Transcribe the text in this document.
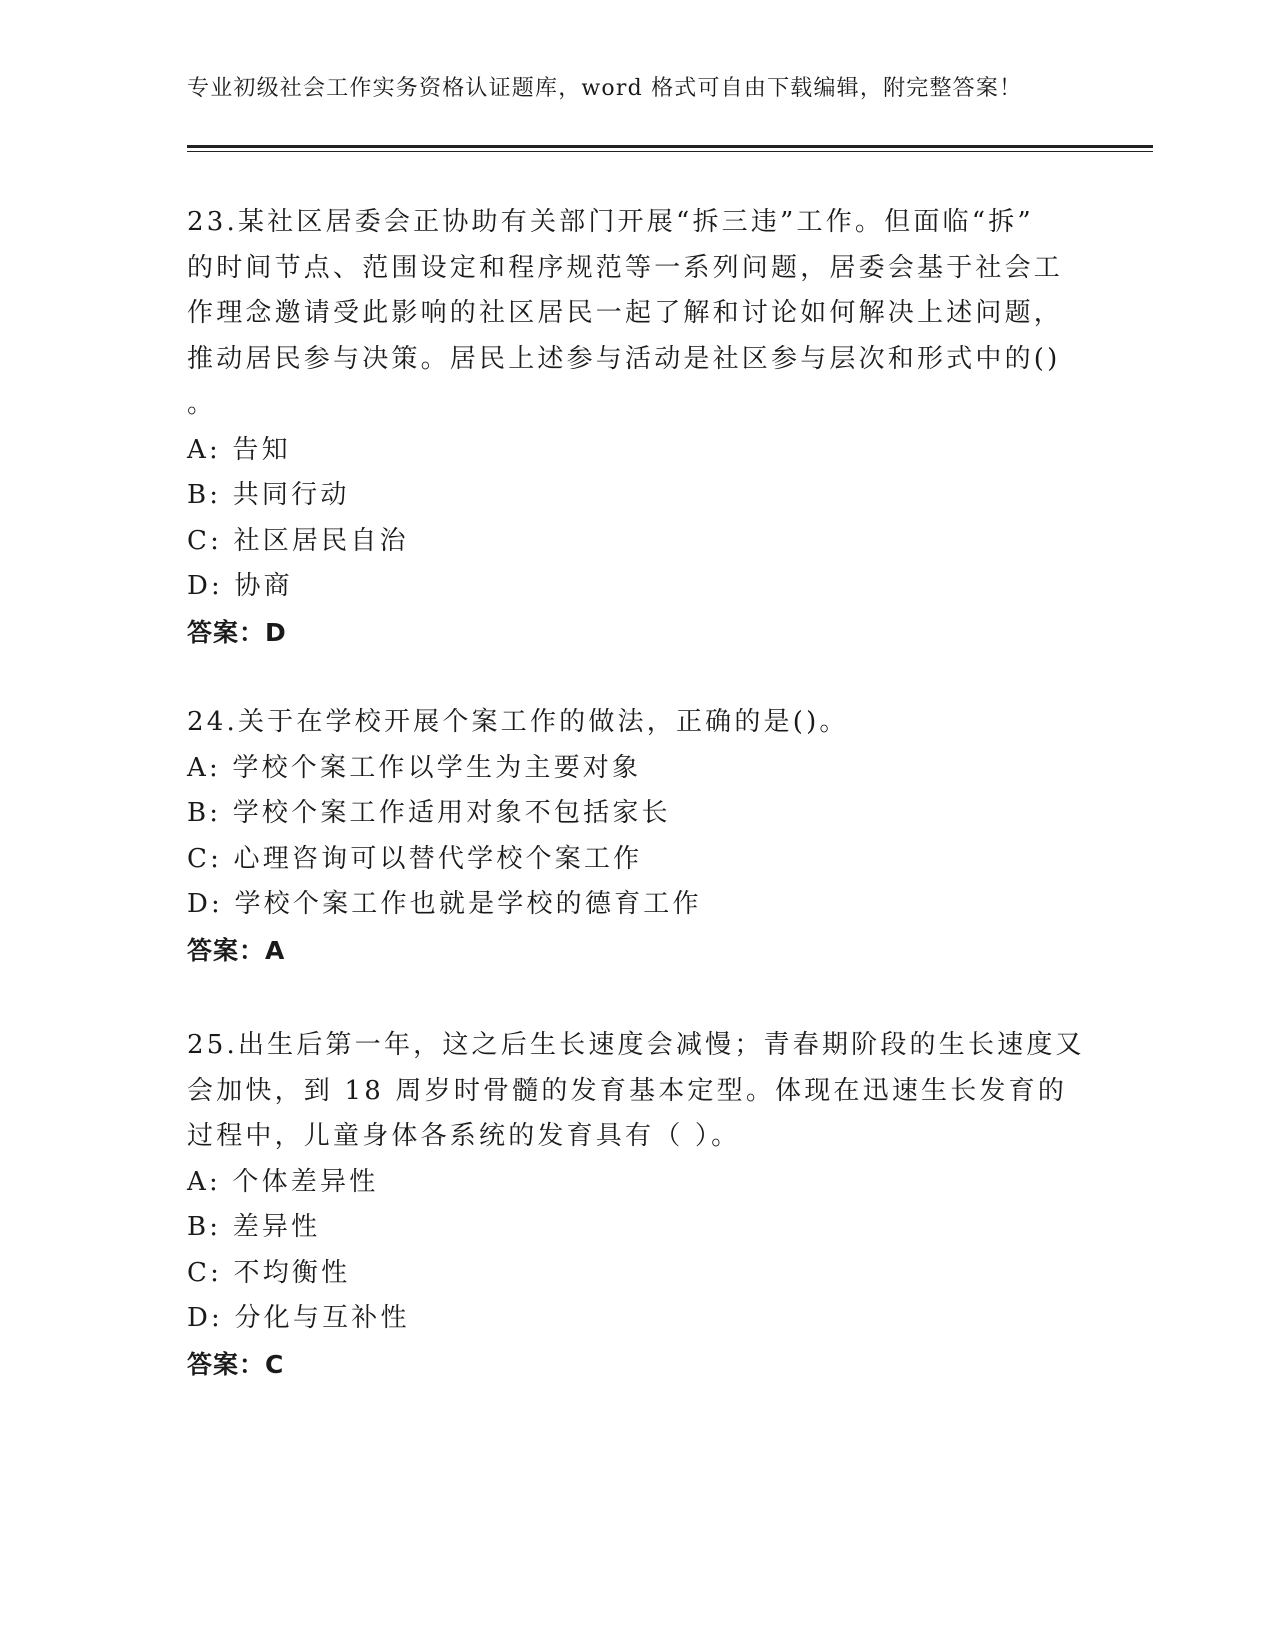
专业初级社会工作实务资格认证题库，word 格式可自由下载编辑，附完整答案！
23.某社区居委会正协助有关部门开展“拆三违”工作。但面临“拆”
的时间节点、范围设定和程序规范等一系列问题，居委会基于社会工
作理念邀请受此影响的社区居民一起了解和讨论如何解决上述问题，
推动居民参与决策。居民上述参与活动是社区参与层次和形式中的()
。
A: 告知
B: 共同行动
C: 社区居民自治
D: 协商
答案：D
24.关于在学校开展个案工作的做法，正确的是()。
A: 学校个案工作以学生为主要对象
B: 学校个案工作适用对象不包括家长
C: 心理咨询可以替代学校个案工作
D: 学校个案工作也就是学校的德育工作
答案：A
25.出生后第一年，这之后生长速度会减慢；青春期阶段的生长速度又
会加快，到 18 周岁时骨髓的发育基本定型。体现在迅速生长发育的
过程中，儿童身体各系统的发育具有（ ）。
A: 个体差异性
B: 差异性
C: 不均衡性
D: 分化与互补性
答案：C
